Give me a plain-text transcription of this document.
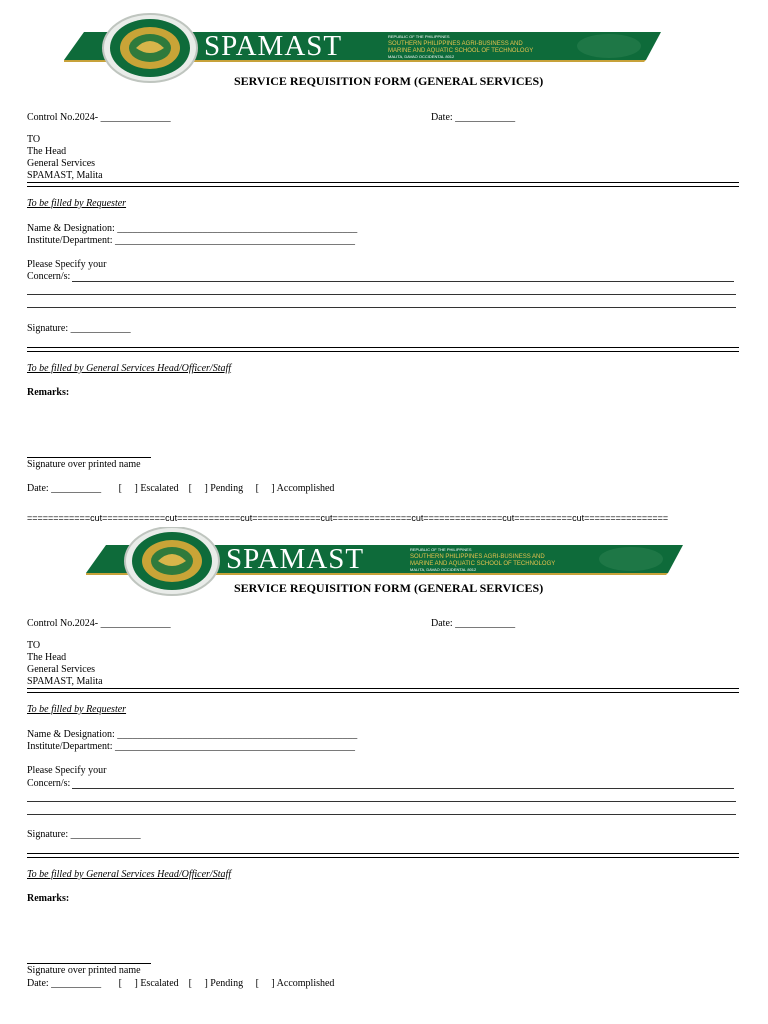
SPAMAST	REPUBLIC OF THE PHILIPPINES
SOUTHERN PHILIPPINES AGRI-BUSINESS AND
MARINE AND AQUATIC SCHOOL OF TECHNOLOGY
MALITA, DAVAO OCCIDENTAL 8012
SERVICE REQUISITION FORM (GENERAL SERVICES)
Control No.2024- ______________	Date: ____________
TO
The Head
General Services
SPAMAST, Malita
To be filled by Requester
Name & Designation: ________________________________________________
Institute/Department: ________________________________________________
Please Specify your
Concern/s:
Signature: ____________
To be filled by General Services Head/Officer/Staff
Remarks:
Signature over printed name
Date: __________       [     ] Escalated    [     ] Pending     [     ] Accomplished
============cut============cut============cut=============cut===============cut===============cut===========cut================
SPAMAST	REPUBLIC OF THE PHILIPPINES
SOUTHERN PHILIPPINES AGRI-BUSINESS AND
MARINE AND AQUATIC SCHOOL OF TECHNOLOGY
MALITA, DAVAO OCCIDENTAL 8012
SERVICE REQUISITION FORM (GENERAL SERVICES)
Control No.2024- ______________	Date: ____________
TO
The Head
General Services
SPAMAST, Malita
To be filled by Requester
Name & Designation: ________________________________________________
Institute/Department: ________________________________________________
Please Specify your
Concern/s:
Signature: ______________
To be filled by General Services Head/Officer/Staff
Remarks:
Signature over printed name
Date: __________       [     ] Escalated    [     ] Pending     [     ] Accomplished
